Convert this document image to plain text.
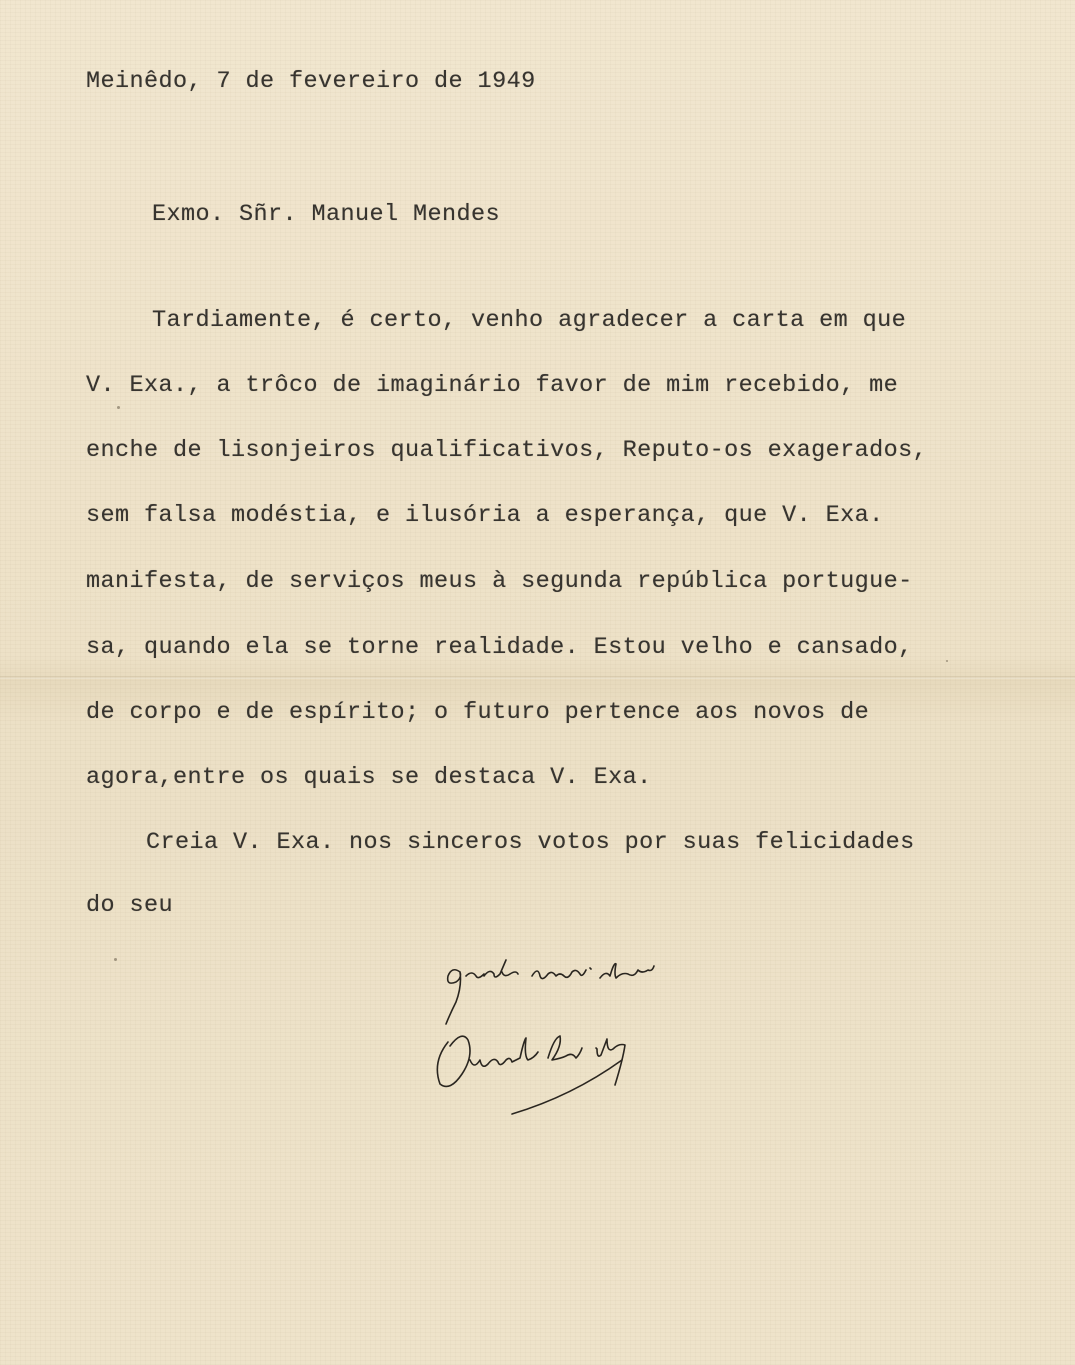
Meinêdo, 7 de fevereiro de 1949

Exmo. Sñr. Manuel Mendes

Tardiamente, é certo, venho agradecer a carta em que

V. Exa., a trôco de imaginário favor de mim recebido, me

enche de lisonjeiros qualificativos, Reputo-os exagerados,

sem falsa modéstia, e ilusória a esperança, que V. Exa.

manifesta, de serviços meus à segunda república portugue-

sa, quando ela se torne realidade. Estou velho e cansado,

de corpo e de espírito; o futuro pertence aos novos de

agora,entre os quais se destaca V. Exa.

Creia V. Exa. nos sinceros votos por suas felicidades

do seu
